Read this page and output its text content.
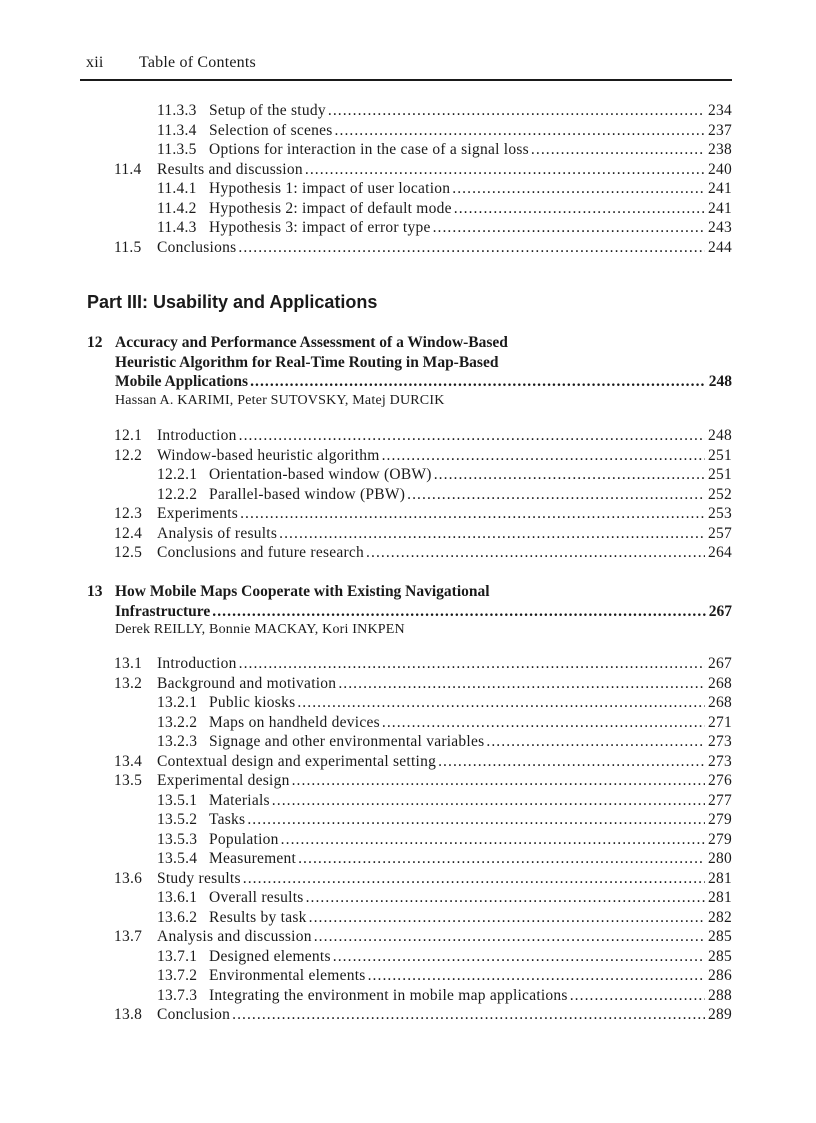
xii Table of Contents
11.3.3 Setup of the study . . .	234
11.3.4 Selection of scenes . . .	237
11.3.5 Options for interaction in the case of a signal loss . . .	238
11.4 Results and discussion . . .	240
11.4.1 Hypothesis 1: impact of user location . . .	241
11.4.2 Hypothesis 2: impact of default mode . . .	241
11.4.3 Hypothesis 3: impact of error type . . .	243
11.5 Conclusions . . .	244
Part III: Usability and Applications
12 Accuracy and Performance Assessment of a Window-Based
Heuristic Algorithm for Real-Time Routing in Map-Based
Mobile Applications . . .	248
Hassan A. KARIMI, Peter SUTOVSKY, Matej DURCIK
12.1 Introduction . . .	248
12.2 Window-based heuristic algorithm . . .	251
12.2.1 Orientation-based window (OBW) . . .	251
12.2.2 Parallel-based window (PBW) . . .	252
12.3 Experiments . . .	253
12.4 Analysis of results . . .	257
12.5 Conclusions and future research . . .	264
13 How Mobile Maps Cooperate with Existing Navigational
Infrastructure . . .	267
Derek REILLY, Bonnie MACKAY, Kori INKPEN
13.1 Introduction . . .	267
13.2 Background and motivation . . .	268
13.2.1 Public kiosks . . .	268
13.2.2 Maps on handheld devices . . .	271
13.2.3 Signage and other environmental variables . . .	273
13.4 Contextual design and experimental setting . . .	273
13.5 Experimental design . . .	276
13.5.1 Materials . . .	277
13.5.2 Tasks . . .	279
13.5.3 Population . . .	279
13.5.4 Measurement . . .	280
13.6 Study results . . .	281
13.6.1 Overall results . . .	281
13.6.2 Results by task . . .	282
13.7 Analysis and discussion . . .	285
13.7.1 Designed elements . . .	285
13.7.2 Environmental elements . . .	286
13.7.3 Integrating the environment in mobile map applications . . .	288
13.8 Conclusion . . .	289
